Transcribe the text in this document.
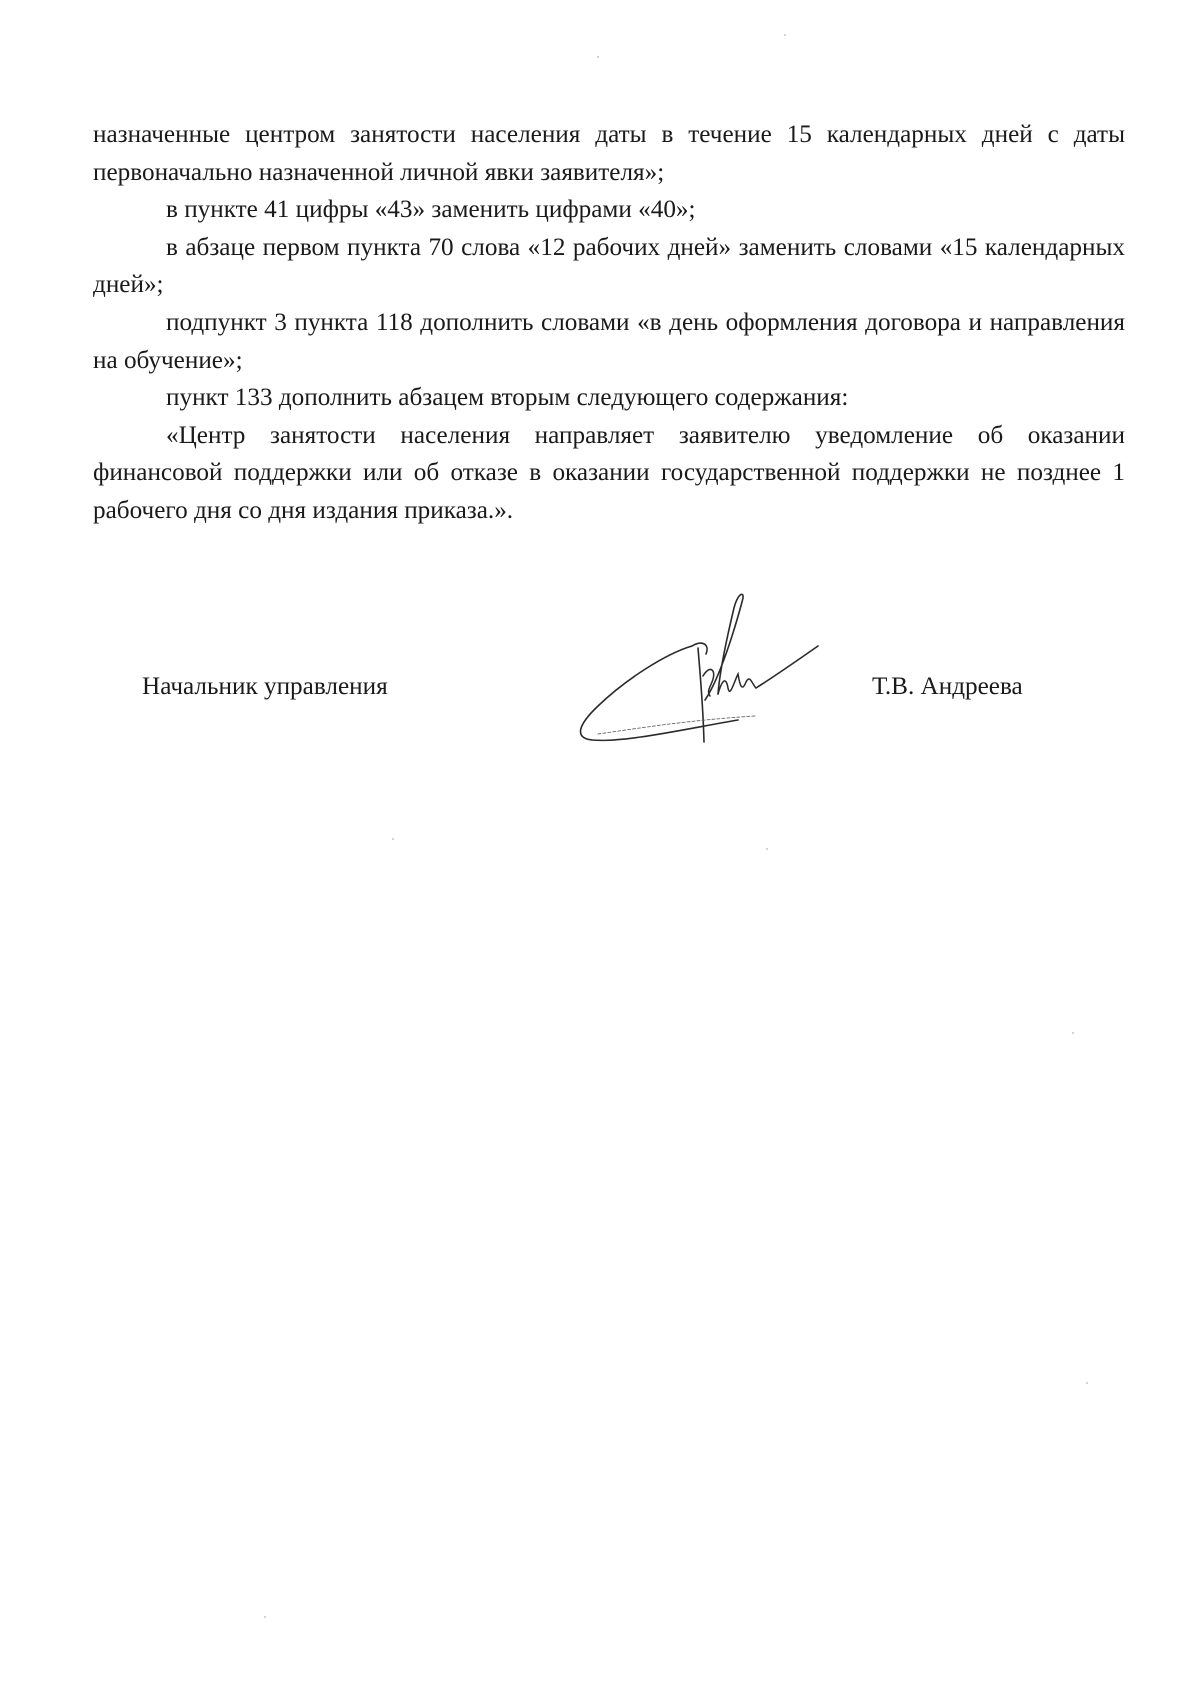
назначенные центром занятости населения даты в течение 15 календарных дней с даты первоначально назначенной личной явки заявителя»;

в пункте 41 цифры «43» заменить цифрами «40»;

в абзаце первом пункта 70 слова «12 рабочих дней» заменить словами «15 календарных дней»;

подпункт 3 пункта 118 дополнить словами «в день оформления договора и направления на обучение»;

пункт 133 дополнить абзацем вторым следующего содержания:

«Центр занятости населения направляет заявителю уведомление об оказании финансовой поддержки или об отказе в оказании государственной поддержки не позднее 1 рабочего дня со дня издания приказа.».

Начальник управления	Т.В. Андреева
